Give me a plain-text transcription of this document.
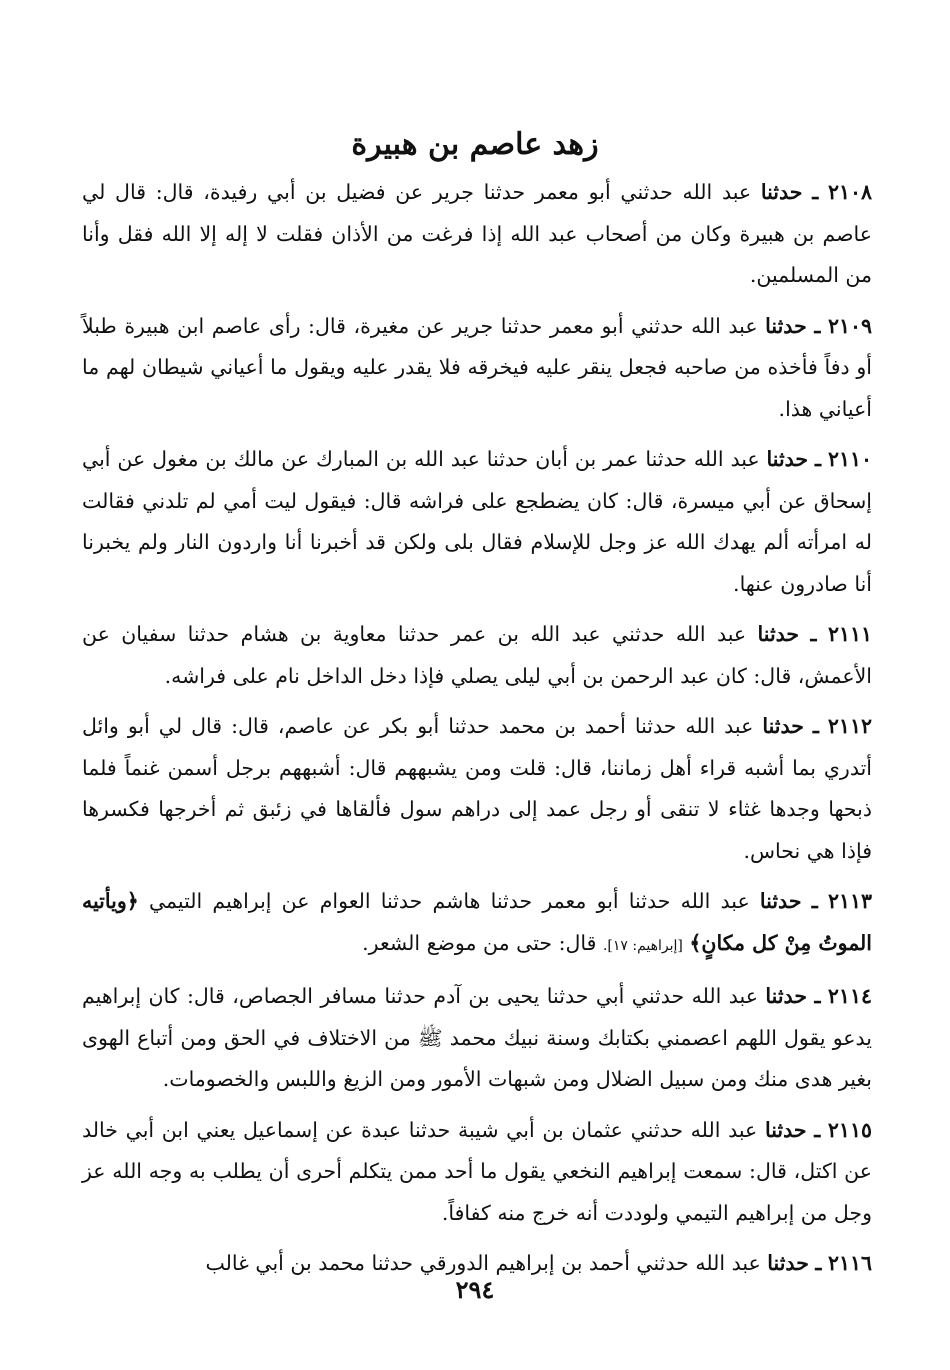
زهد عاصم بن هبيرة

٢١٠٨ ـ حدثنا عبد الله حدثني أبو معمر حدثنا جرير عن فضيل بن أبي رفيدة، قال: قال لي عاصم بن هبيرة وكان من أصحاب عبد الله إذا فرغت من الأذان فقلت لا إله إلا الله فقل وأنا من المسلمين.

٢١٠٩ ـ حدثنا عبد الله حدثني أبو معمر حدثنا جرير عن مغيرة، قال: رأى عاصم ابن هبيرة طبلاً أو دفاً فأخذه من صاحبه فجعل ينقر عليه فيخرقه فلا يقدر عليه ويقول ما أعياني شيطان لهم ما أعياني هذا.

٢١١٠ ـ حدثنا عبد الله حدثنا عمر بن أبان حدثنا عبد الله بن المبارك عن مالك بن مغول عن أبي إسحاق عن أبي ميسرة، قال: كان يضطجع على فراشه قال: فيقول ليت أمي لم تلدني فقالت له امرأته ألم يهدك الله عز وجل للإسلام فقال بلى ولكن قد أخبرنا أنا واردون النار ولم يخبرنا أنا صادرون عنها.

٢١١١ ـ حدثنا عبد الله حدثني عبد الله بن عمر حدثنا معاوية بن هشام حدثنا سفيان عن الأعمش، قال: كان عبد الرحمن بن أبي ليلى يصلي فإذا دخل الداخل نام على فراشه.

٢١١٢ ـ حدثنا عبد الله حدثنا أحمد بن محمد حدثنا أبو بكر عن عاصم، قال: قال لي أبو وائل أتدري بما أشبه قراء أهل زماننا، قال: قلت ومن يشبههم قال: أشبههم برجل أسمن غنماً فلما ذبحها وجدها غثاء لا تنقى أو رجل عمد إلى دراهم سول فألقاها في زئبق ثم أخرجها فكسرها فإذا هي نحاس.

٢١١٣ ـ حدثنا عبد الله حدثنا أبو معمر حدثنا هاشم حدثنا العوام عن إبراهيم التيمي ﴿ويأتيه الموتُ مِنْ كل مكانٍ﴾ [إبراهيم: ١٧]. قال: حتى من موضع الشعر.

٢١١٤ ـ حدثنا عبد الله حدثني أبي حدثنا يحيى بن آدم حدثنا مسافر الجصاص، قال: كان إبراهيم يدعو يقول اللهم اعصمني بكتابك وسنة نبيك محمد ﷺ من الاختلاف في الحق ومن أتباع الهوى بغير هدى منك ومن سبيل الضلال ومن شبهات الأمور ومن الزيغ واللبس والخصومات.

٢١١٥ ـ حدثنا عبد الله حدثني عثمان بن أبي شيبة حدثنا عبدة عن إسماعيل يعني ابن أبي خالد عن اكتل، قال: سمعت إبراهيم النخعي يقول ما أحد ممن يتكلم أحرى أن يطلب به وجه الله عز وجل من إبراهيم التيمي ولوددت أنه خرج منه كفافاً.

٢١١٦ ـ حدثنا عبد الله حدثني أحمد بن إبراهيم الدورقي حدثنا محمد بن أبي غالب

٢٩٤
